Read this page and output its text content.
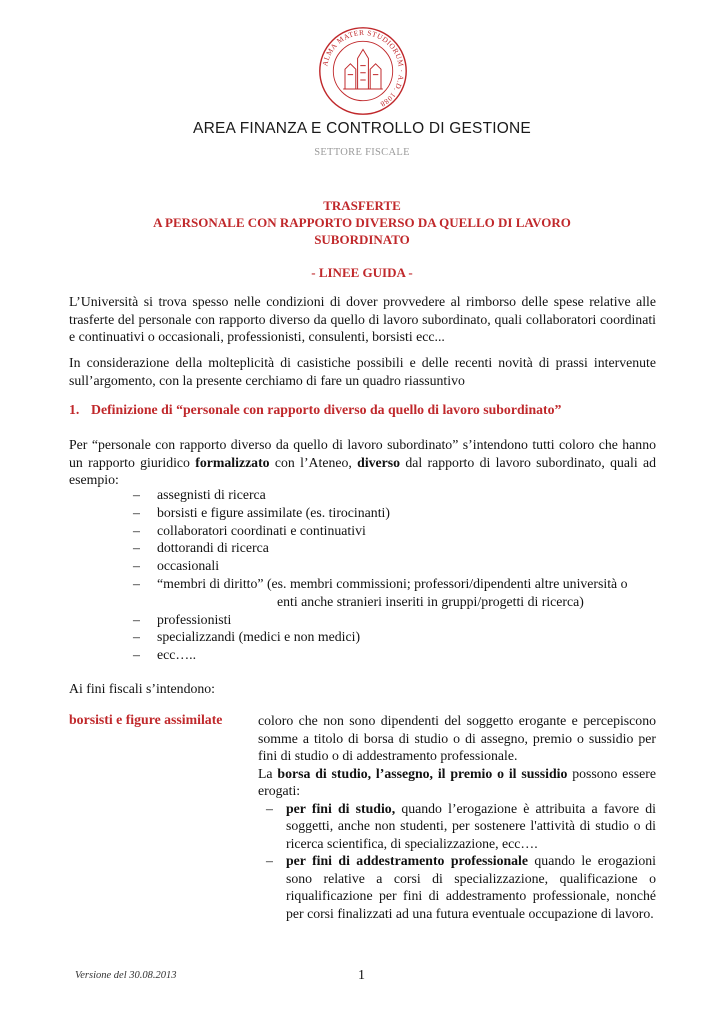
ALMA MATER STUDIORUM · A.D. 1088
AREA FINANZA E CONTROLLO DI GESTIONE
SETTORE FISCALE
TRASFERTE
A PERSONALE CON RAPPORTO DIVERSO DA QUELLO DI LAVORO
SUBORDINATO
- LINEE GUIDA -
L’Università si trova spesso nelle condizioni di dover provvedere al rimborso delle spese relative alle trasferte del personale con rapporto diverso da quello di lavoro subordinato, quali collaboratori coordinati e continuativi o occasionali, professionisti, consulenti, borsisti ecc...
In considerazione della molteplicità di casistiche possibili e delle recenti novità di prassi intervenute sull’argomento, con la presente cerchiamo di fare un quadro riassuntivo
1. Definizione di “personale con rapporto diverso da quello di lavoro subordinato”
Per “personale con rapporto diverso da quello di lavoro subordinato” s’intendono tutti coloro che hanno un rapporto giuridico formalizzato con l’Ateneo, diverso dal rapporto di lavoro subordinato, quali ad esempio:
– assegnisti di ricerca
– borsisti e figure assimilate (es. tirocinanti)
– collaboratori coordinati e continuativi
– dottorandi di ricerca
– occasionali
– “membri di diritto” (es. membri commissioni; professori/dipendenti altre università o
enti anche stranieri inseriti in gruppi/progetti di ricerca)
– professionisti
– specializzandi (medici e non medici)
– ecc…..
Ai fini fiscali s’intendono:
borsisti e figure assimilate	coloro che non sono dipendenti del soggetto erogante e percepiscono somme a titolo di borsa di studio o di assegno, premio o sussidio per fini di studio o di addestramento professionale.

La borsa di studio, l’assegno, il premio o il sussidio possono essere erogati:

– per fini di studio, quando l’erogazione è attribuita a favore di soggetti, anche non studenti, per sostenere l'attività di studio o di ricerca scientifica, di specializzazione, ecc….
– per fini di addestramento professionale quando le erogazioni sono relative a corsi di specializzazione, qualificazione o riqualificazione per fini di addestramento professionale, nonché per corsi finalizzati ad una futura eventuale occupazione di lavoro.
Versione del 30.08.2013	1
